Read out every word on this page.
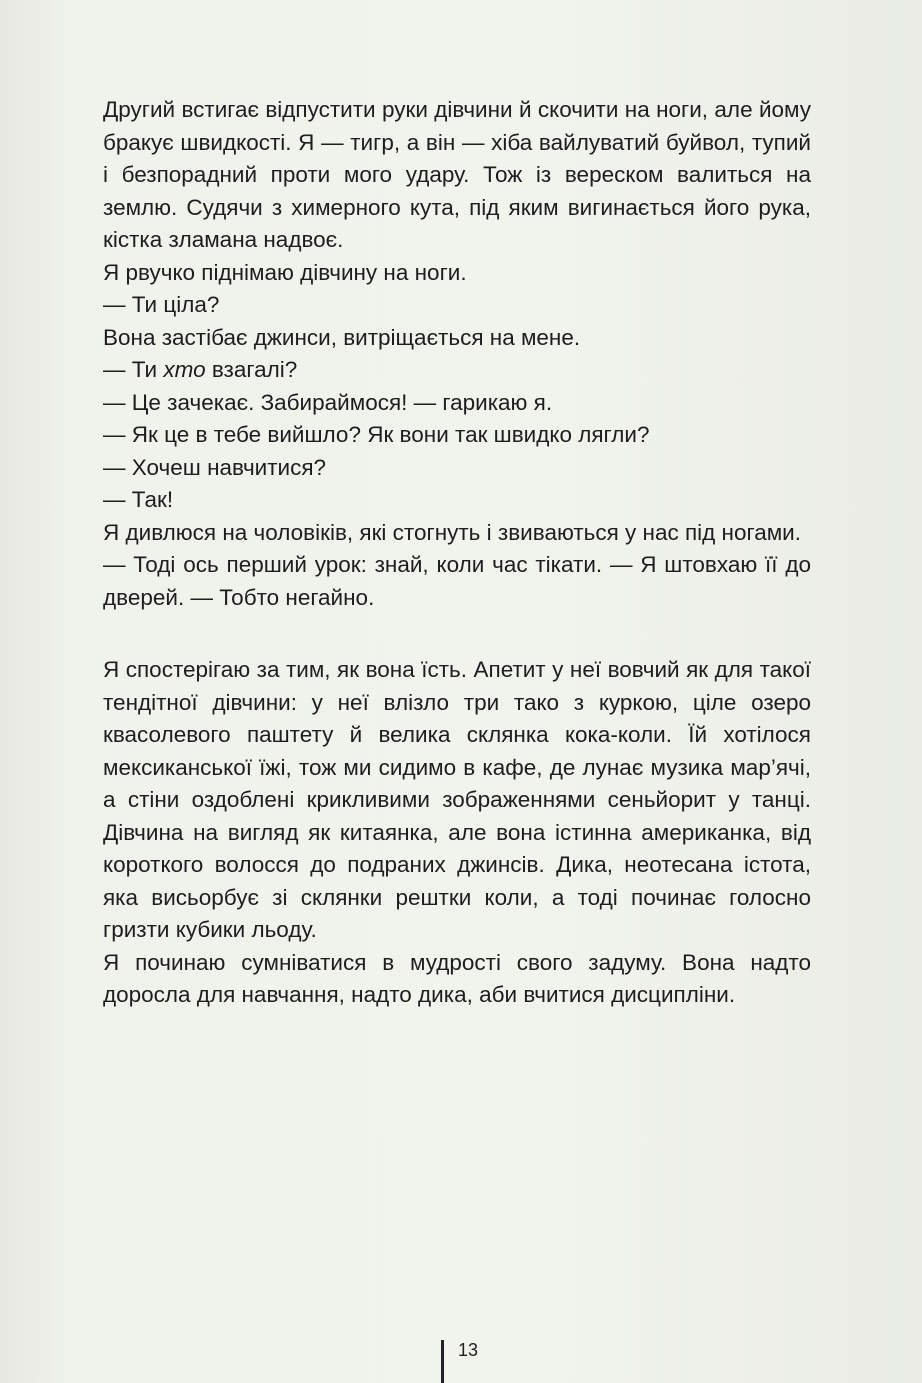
Другий встигає відпустити руки дівчини й скочити на ноги, але йому бракує швидкості. Я — тигр, а він — хіба вайлуватий буйвол, тупий і безпорадний проти мого удару. Тож із вереском валиться на землю. Судячи з химерного кута, під яким вигинається його рука, кістка зламана надвоє.

Я рвучко піднімаю дівчину на ноги.

— Ти ціла?

Вона застібає джинси, витріщається на мене.

— Ти хто взагалі?

— Це зачекає. Забираймося! — гарикаю я.

— Як це в тебе вийшло? Як вони так швидко лягли?

— Хочеш навчитися?

— Так!

Я дивлюся на чоловіків, які стогнуть і звиваються у нас під ногами.

— Тоді ось перший урок: знай, коли час тікати. — Я штовхаю її до дверей. — Тобто негайно.

Я спостерігаю за тим, як вона їсть. Апетит у неї вовчий як для такої тендітної дівчини: у неї влізло три тако з куркою, ціле озеро квасолевого паштету й велика склянка кока-коли. Їй хотілося мексиканської їжі, тож ми сидимо в кафе, де лунає музика мар’ячі, а стіни оздоблені крикливими зображеннями сеньйорит у танці. Дівчина на вигляд як китаянка, але вона істинна американка, від короткого волосся до подраних джинсів. Дика, неотесана істота, яка висьорбує зі склянки рештки коли, а тоді починає голосно гризти кубики льоду.

Я починаю сумніватися в мудрості свого задуму. Вона надто доросла для навчання, надто дика, аби вчитися дисципліни.

13
